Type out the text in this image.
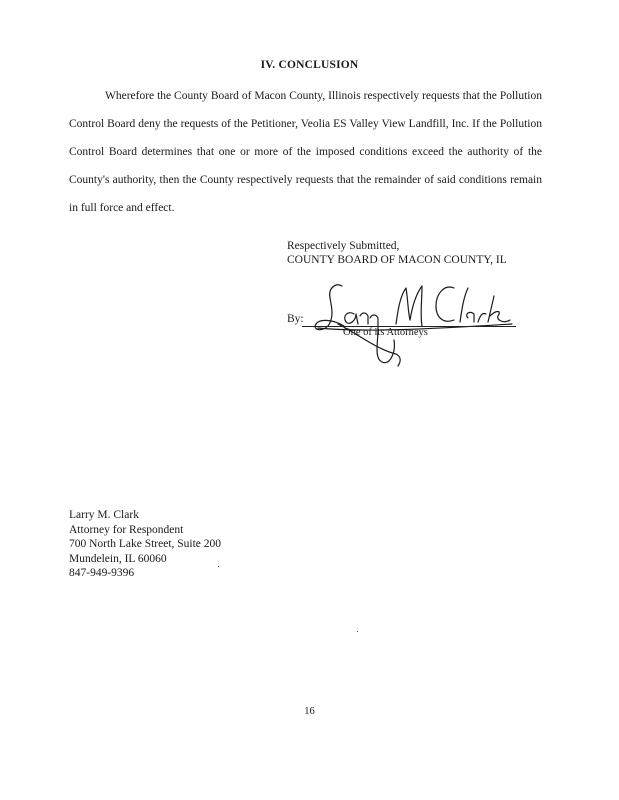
IV. CONCLUSION

Wherefore the County Board of Macon County, Illinois respectively requests that the Pollution Control Board deny the requests of the Petitioner, Veolia ES Valley View Landfill, Inc. If the Pollution Control Board determines that one or more of the imposed conditions exceed the authority of the County's authority, then the County respectively requests that the remainder of said conditions remain in full force and effect.

Respectively Submitted,
COUNTY BOARD OF MACON COUNTY, IL
By:
One of its Attorneys
Larry M. Clark
Attorney for Respondent
700 North Lake Street, Suite 200
Mundelein, IL 60060
847-949-9396
16
